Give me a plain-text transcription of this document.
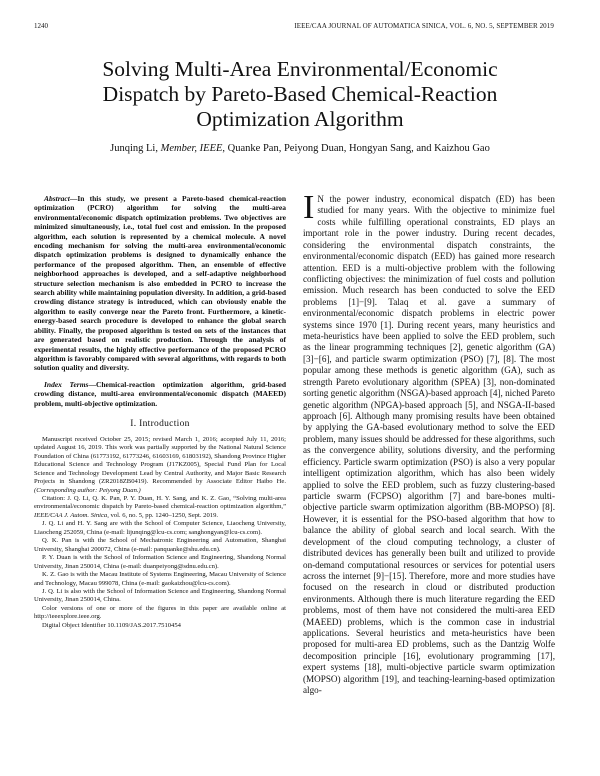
1240	IEEE/CAA JOURNAL OF AUTOMATICA SINICA, VOL. 6, NO. 5, SEPTEMBER 2019
Solving Multi-Area Environmental/Economic
Dispatch by Pareto-Based Chemical-Reaction
Optimization Algorithm
Junqing Li, Member, IEEE, Quanke Pan, Peiyong Duan, Hongyan Sang, and Kaizhou Gao

Abstract—In this study, we present a Pareto-based chemical-reaction optimization (PCRO) algorithm for solving the multi-area environmental/economic dispatch optimization problems. Two objectives are minimized simultaneously, i.e., total fuel cost and emission. In the proposed algorithm, each solution is represented by a chemical molecule. A novel encoding mechanism for solving the multi-area environmental/economic dispatch optimization problems is designed to dynamically enhance the performance of the proposed algorithm. Then, an ensemble of effective neighborhood approaches is developed, and a self-adaptive neighborhood structure selection mechanism is also embedded in PCRO to increase the search ability while maintaining population diversity. In addition, a grid-based crowding distance strategy is introduced, which can obviously enable the algorithm to easily converge near the Pareto front. Furthermore, a kinetic-energy-based search procedure is developed to enhance the global search ability. Finally, the proposed algorithm is tested on sets of the instances that are generated based on realistic production. Through the analysis of experimental results, the highly effective performance of the proposed PCRO algorithm is favorably compared with several algorithms, with regards to both solution quality and diversity.

Index Terms—Chemical-reaction optimization algorithm, grid-based crowding distance, multi-area environmental/economic dispatch (MAEED) problem, multi-objective optimization.
I. Introduction

Manuscript received October 25, 2015; revised March 1, 2016; accepted July 11, 2016; updated August 16, 2019. This work was partially supported by the National Natural Science Foundation of China (61773192, 61773246, 61603169, 61803192), Shandong Province Higher Educational Science and Technology Program (J17KZ005), Special Fund Plan for Local Science and Technology Development Lead by Central Authority, and Major Basic Research Projects in Shandong (ZR2018ZB0419). Recommended by Associate Editor Haibo He. (Corresponding author: Peiyong Duan.)

Citation: J. Q. Li, Q. K. Pan, P. Y. Duan, H. Y. Sang, and K. Z. Gao, “Solving multi-area environmental/economic dispatch by Pareto-based chemical-reaction optimization algorithm,” IEEE/CAA J. Autom. Sinica, vol. 6, no. 5, pp. 1240–1250, Sept. 2019.

J. Q. Li and H. Y. Sang are with the School of Computer Science, Liaocheng University, Liaocheng 252059, China (e-mail: lijunqing@lcu-cs.com; sanghongyan@lcu-cs.com).

Q. K. Pan is with the School of Mechatronic Engineering and Automation, Shanghai University, Shanghai 200072, China (e-mail: panquanke@shu.edu.cn).

P. Y. Duan is with the School of Information Science and Engineering, Shandong Normal University, Jinan 250014, China (e-mail: duanpeiyong@sdnu.edu.cn).

K. Z. Gao is with the Macau Institute of Systems Engineering, Macau University of Science and Technology, Macau 999078, China (e-mail: gaokaizhou@lcu-cs.com).

J. Q. Li is also with the School of Information Science and Engineering, Shandong Normal University, Jinan 250014, China.

Color versions of one or more of the figures in this paper are available online at http://ieeexplore.ieee.org.

Digital Object Identifier 10.1109/JAS.2017.7510454

I N the power industry, economical dispatch (ED) has been studied for many years. With the objective to minimize fuel costs while fulfilling operational constraints, ED plays an important role in the power industry. During recent decades, considering the environmental dispatch constraints, the environmental/economic dispatch (EED) has gained more research attention. EED is a multi-objective problem with the following conflicting objectives: the minimization of fuel costs and pollution emission. Much research has been conducted to solve the EED problems [1]−[9]. Talaq et al. gave a summary of environmental/economic dispatch problems in electric power systems since 1970 [1]. During recent years, many heuristics and meta-heuristics have been applied to solve the EED problem, such as the linear programming techniques [2], genetic algorithm (GA) [3]−[6], and particle swarm optimization (PSO) [7], [8]. The most popular among these methods is genetic algorithm (GA), such as strength Pareto evolutionary algorithm (SPEA) [3], non-dominated sorting genetic algorithm (NSGA)-based approach [4], niched Pareto genetic algorithm (NPGA)-based approach [5], and NSGA-II-based approach [6]. Although many promising results have been obtained by applying the GA-based evolutionary method to solve the EED problem, many issues should be addressed for these algorithms, such as the convergence ability, solutions diversity, and the performing efficiency. Particle swarm optimization (PSO) is also a very popular intelligent optimization algorithm, which has also been widely applied to solve the EED problem, such as fuzzy clustering-based particle swarm (FCPSO) algorithm [7] and bare-bones multi-objective particle swarm optimization algorithm (BB-MOPSO) [8]. However, it is essential for the PSO-based algorithm that how to balance the ability of global search and local search. With the development of the cloud computing technology, a cluster of distributed devices has generally been built and utilized to provide on-demand computational resources or services for potential users across the internet [9]−[15]. Therefore, more and more studies have focused on the research in cloud or distributed production environments. Although there is much literature regarding the EED problems, most of them have not considered the multi-area EED (MAEED) problems, which is the common case in industrial applications. Several heuristics and meta-heuristics have been proposed for multi-area ED problems, such as the Dantzig Wolfe decomposition principle [16], evolutionary programming [17], expert systems [18], multi-objective particle swarm optimization (MOPSO) algorithm [19], and teaching-learning-based optimization algo-
